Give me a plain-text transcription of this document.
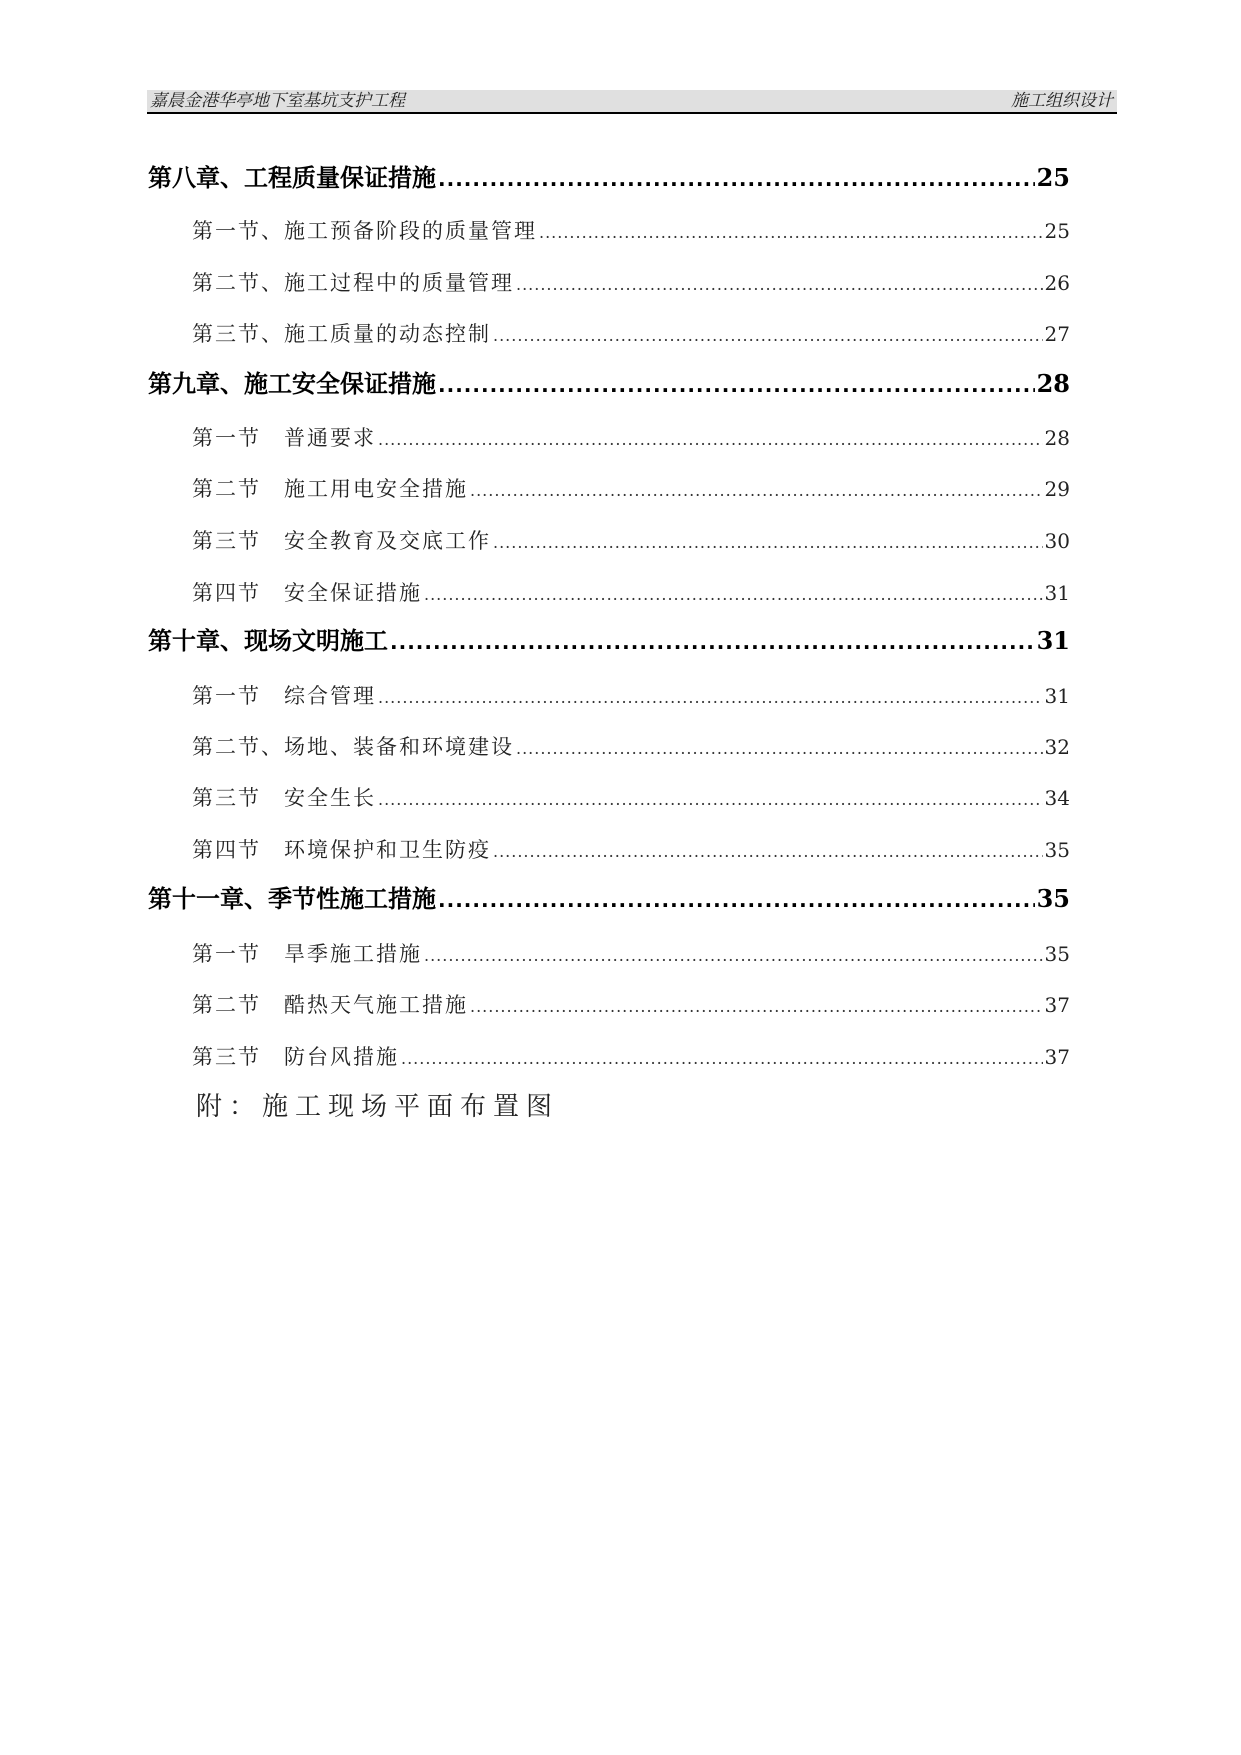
嘉晨金港华亭地下室基坑支护工程	施工组织设计
第八章、工程质量保证措施 .....	25
第一节、施工预备阶段的质量管理 .....	25
第二节、施工过程中的质量管理 .....	26
第三节、施工质量的动态控制 .....	27
第九章、施工安全保证措施 .....	28
第一节　普通要求 .....	28
第二节　施工用电安全措施 .....	29
第三节　安全教育及交底工作 .....	30
第四节　安全保证措施 .....	31
第十章、现场文明施工 .....	31
第一节　综合管理 .....	31
第二节、场地、装备和环境建设 .....	32
第三节　安全生长 .....	34
第四节　环境保护和卫生防疫 .....	35
第十一章、季节性施工措施 .....	35
第一节　旱季施工措施 .....	35
第二节　酷热天气施工措施 .....	37
第三节　防台风措施 .....	37
附：施工现场平面布置图
